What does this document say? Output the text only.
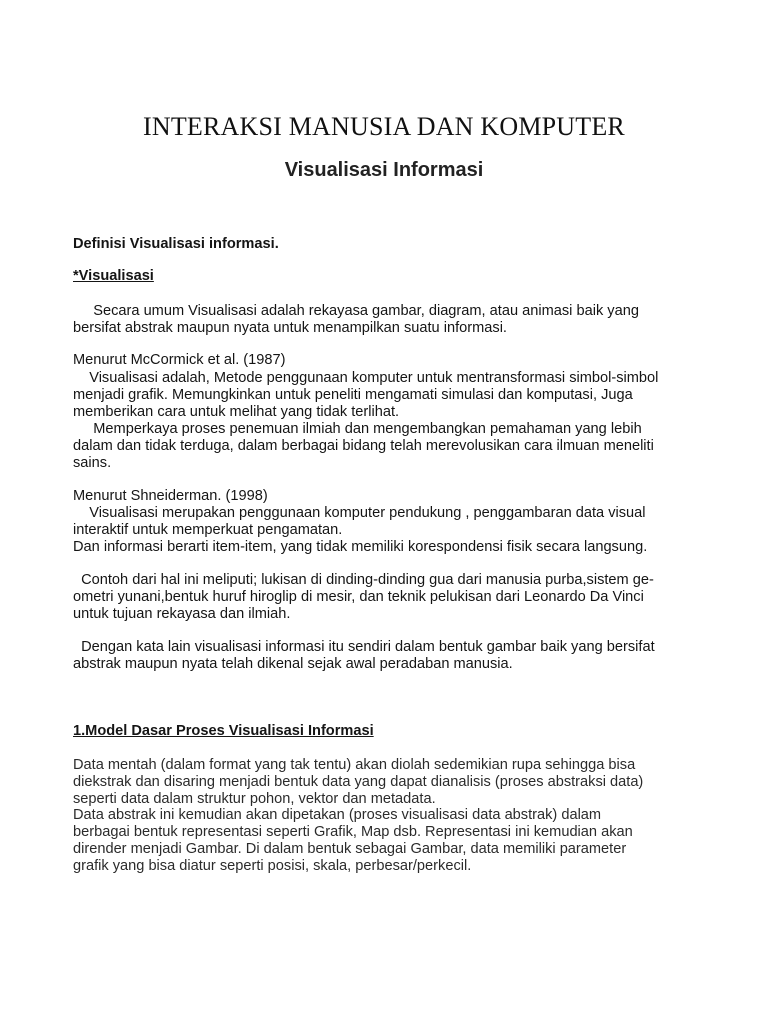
INTERAKSI MANUSIA DAN KOMPUTER
Visualisasi Informasi
Definisi Visualisasi informasi.
*Visualisasi
Secara umum Visualisasi adalah rekayasa gambar, diagram, atau animasi baik yang
bersifat abstrak maupun nyata untuk menampilkan suatu informasi.
Menurut McCormick et al. (1987)
Visualisasi adalah, Metode penggunaan komputer untuk mentransformasi simbol-simbol
menjadi grafik. Memungkinkan untuk peneliti mengamati simulasi dan komputasi, Juga
memberikan cara untuk melihat yang tidak terlihat.
Memperkaya proses penemuan ilmiah dan mengembangkan pemahaman yang lebih
dalam dan tidak terduga, dalam berbagai bidang telah merevolusikan cara ilmuan meneliti
sains.
Menurut Shneiderman. (1998)
Visualisasi merupakan penggunaan komputer pendukung , penggambaran data visual
interaktif untuk memperkuat pengamatan.
Dan informasi berarti item-item, yang tidak memiliki korespondensi fisik secara langsung.
Contoh dari hal ini meliputi; lukisan di dinding-dinding gua dari manusia purba,sistem ge-
ometri yunani,bentuk huruf hiroglip di mesir, dan teknik pelukisan dari Leonardo Da Vinci
untuk tujuan rekayasa dan ilmiah.
Dengan kata lain visualisasi informasi itu sendiri dalam bentuk gambar baik yang bersifat
abstrak maupun nyata telah dikenal sejak awal peradaban manusia.
1.Model Dasar Proses Visualisasi Informasi
Data mentah (dalam format yang tak tentu) akan diolah sedemikian rupa sehingga bisa
diekstrak dan disaring menjadi bentuk data yang dapat dianalisis (proses abstraksi data)
seperti data dalam struktur pohon, vektor dan metadata.
Data abstrak ini kemudian akan dipetakan (proses visualisasi data abstrak) dalam
berbagai bentuk representasi seperti Grafik, Map dsb. Representasi ini kemudian akan
dirender menjadi Gambar. Di dalam bentuk sebagai Gambar, data memiliki parameter
grafik yang bisa diatur seperti posisi, skala, perbesar/perkecil.
